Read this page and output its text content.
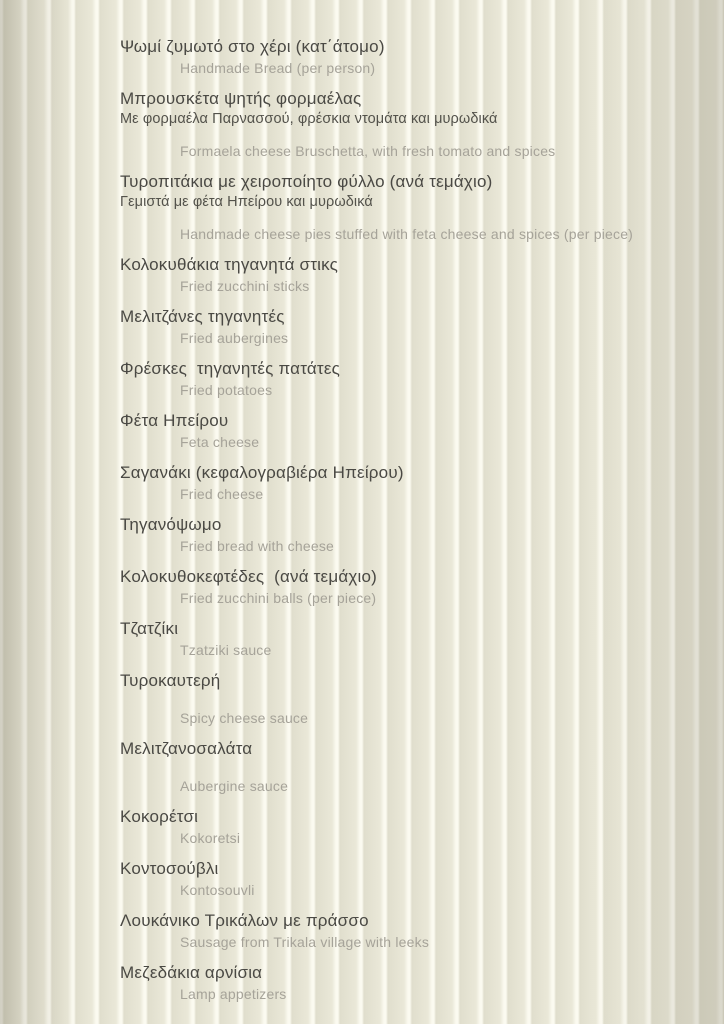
Ψωμί ζυμωτό στο χέρι (κατ΄άτομο)
Handmade Bread (per person)
Μπρουσκέτα ψητής φορμαέλας
Με φορμαέλα Παρνασσού, φρέσκια ντομάτα και μυρωδικά
Formaela cheese Bruschetta, with fresh tomato and spices
Τυροπιτάκια με χειροποίητο φύλλο (ανά τεμάχιο)
Γεμιστά με φέτα Ηπείρου και μυρωδικά
Handmade cheese pies stuffed with feta cheese and spices (per piece)
Κολοκυθάκια τηγανητά στικς
Fried zucchini sticks
Μελιτζάνες τηγανητές
Fried aubergines
Φρέσκες  τηγανητές πατάτες
Fried potatoes
Φέτα Ηπείρου
Feta cheese
Σαγανάκι (κεφαλογραβιέρα Ηπείρου)
Fried cheese
Τηγανόψωμο
Fried bread with cheese
Κολοκυθοκεφτέδες  (ανά τεμάχιο)
Fried zucchini balls (per piece)
Τζατζίκι
Tzatziki sauce
Τυροκαυτερή
Spicy cheese sauce
Μελιτζανοσαλάτα
Aubergine sauce
Κοκορέτσι
Kokoretsi
Κοντοσούβλι
Kontosouvli
Λουκάνικο Τρικάλων με πράσσο
Sausage from Trikala village with leeks
Μεζεδάκια αρνίσια
Lamp appetizers
